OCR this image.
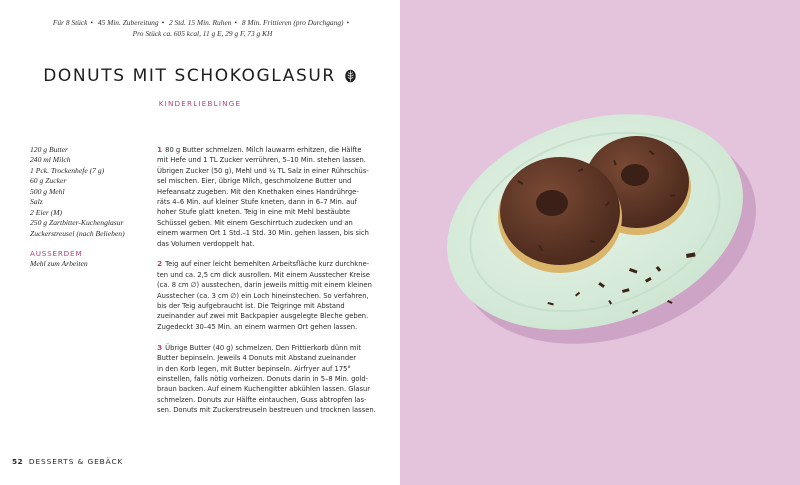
Für 8 Stück • 45 Min. Zubereitung • 2 Std. 15 Min. Ruhen • 8 Min. Frittieren (pro Durchgang) •
Pro Stück ca. 605 kcal, 11 g E, 29 g F, 73 g KH
DONUTS MIT SCHOKOGLASUR
KINDERLIEBLINGE
120 g Butter
240 ml Milch
1 Pck. Trockenhefe (7 g)
60 g Zucker
500 g Mehl
Salz
2 Eier (M)
250 g Zartbitter-Kuchenglasur
Zuckerstreusel (nach Belieben)
AUSSERDEM
Mehl zum Arbeiten
1 80 g Butter schmelzen. Milch lauwarm erhitzen, die Hälfte
mit Hefe und 1 TL Zucker verrühren, 5–10 Min. stehen lassen.
Übrigen Zucker (50 g), Mehl und ¼ TL Salz in einer Rührschüs-
sel mischen. Eier, übrige Milch, geschmolzene Butter und
Hefeansatz zugeben. Mit den Knethaken eines Handrührge-
räts 4–6 Min. auf kleiner Stufe kneten, dann in 6–7 Min. auf
hoher Stufe glatt kneten. Teig in eine mit Mehl bestäubte
Schüssel geben. Mit einem Geschirrtuch zudecken und an
einem warmen Ort 1 Std.–1 Std. 30 Min. gehen lassen, bis sich
das Volumen verdoppelt hat.
2 Teig auf einer leicht bemehlten Arbeitsfläche kurz durchkne-
ten und ca. 2,5 cm dick ausrollen. Mit einem Ausstecher Kreise
(ca. 8 cm ∅) ausstechen, darin jeweils mittig mit einem kleinen
Ausstecher (ca. 3 cm ∅) ein Loch hineinstechen. So verfahren,
bis der Teig aufgebraucht ist. Die Teigringe mit Abstand
zueinander auf zwei mit Backpapier ausgelegte Bleche geben.
Zugedeckt 30–45 Min. an einem warmen Ort gehen lassen.
3 Übrige Butter (40 g) schmelzen. Den Frittierkorb dünn mit
Butter bepinseln. Jeweils 4 Donuts mit Abstand zueinander
in den Korb legen, mit Butter bepinseln. Airfryer auf 175°
einstellen, falls nötig vorheizen. Donuts darin in 5–8 Min. gold-
braun backen. Auf einem Kuchengitter abkühlen lassen. Glasur
schmelzen. Donuts zur Hälfte eintauchen, Guss abtropfen las-
sen. Donuts mit Zuckerstreuseln bestreuen und trocknen lassen.
52 DESSERTS & GEBÄCK
